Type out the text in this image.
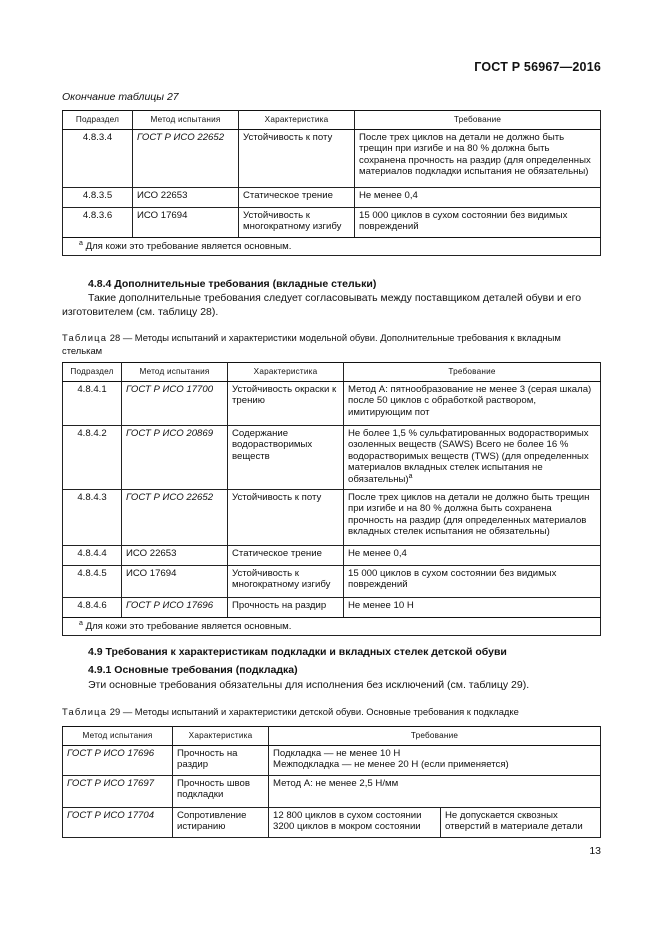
ГОСТ Р 56967—2016
Окончание таблицы 27
Подраздел	Метод испытания	Характеристика	Требование
4.8.3.4	ГОСТ Р ИСО 22652	Устойчивость к поту	После трех циклов на детали не должно быть трещин при изгибе и на 80 % должна быть сохранена прочность на раздир (для определенных материалов подкладки испытания не обязательны)
4.8.3.5	ИСО 22653	Статическое трение	Не менее 0,4
4.8.3.6	ИСО 17694	Устойчивость к многократному изгибу	15 000 циклов в сухом состоянии без видимых повреждений
$^а$ Для кожи это требование является основным.			
4.8.4 Дополнительные требования (вкладные стельки)
Такие дополнительные требования следует согласовывать между поставщиком деталей обуви и его изготовителем (см. таблицу 28).
Таблица 28 — Методы испытаний и характеристики модельной обуви. Дополнительные требования к вкладным стелькам
Подраздел	Метод испытания	Характеристика	Требование
4.8.4.1	ГОСТ Р ИСО 17700	Устойчивость окраски к трению	Метод А: пятнообразование не менее 3 (серая шкала) после 50 циклов с обработкой раствором, имитирующим пот
4.8.4.2	ГОСТ Р ИСО 20869	Содержание водорастворимых веществ	Не более 1,5 % сульфатированных водорастворимых озоленных веществ (SAWS) Всего не более 16 % водорастворимых веществ (TWS) (для определенных материалов вкладных стелек испытания не обязательны)$^а$
4.8.4.3	ГОСТ Р ИСО 22652	Устойчивость к поту	После трех циклов на детали не должно быть трещин при изгибе и на 80 % должна быть сохранена прочность на раздир (для определенных материалов вкладных стелек испытания не обязательны)
4.8.4.4	ИСО 22653	Статическое трение	Не менее 0,4
4.8.4.5	ИСО 17694	Устойчивость к многократному изгибу	15 000 циклов в сухом состоянии без видимых повреждений
4.8.4.6	ГОСТ Р ИСО 17696	Прочность на раздир	Не менее 10 Н
$^а$ Для кожи это требование является основным.			
4.9 Требования к характеристикам подкладки и вкладных стелек детской обуви
4.9.1 Основные требования (подкладка)
Эти основные требования обязательны для исполнения без исключений (см. таблицу 29).
Таблица 29 — Методы испытаний и характеристики детской обуви. Основные требования к подкладке
Метод испытания	Характеристика	Требование	
ГОСТ Р ИСО 17696	Прочность на раздир	Подкладка — не менее 10 Н
Межподкладка — не менее 20 Н (если применяется)	

ГОСТ Р ИСО 17697	Прочность швов подкладки	Метод А: не менее 2,5 Н/мм	
ГОСТ Р ИСО 17704	Сопротивление истиранию	12 800 циклов в сухом состоянии
3200 циклов в мокром состоянии	Не допускается сквозных отверстий в материале детали
13
